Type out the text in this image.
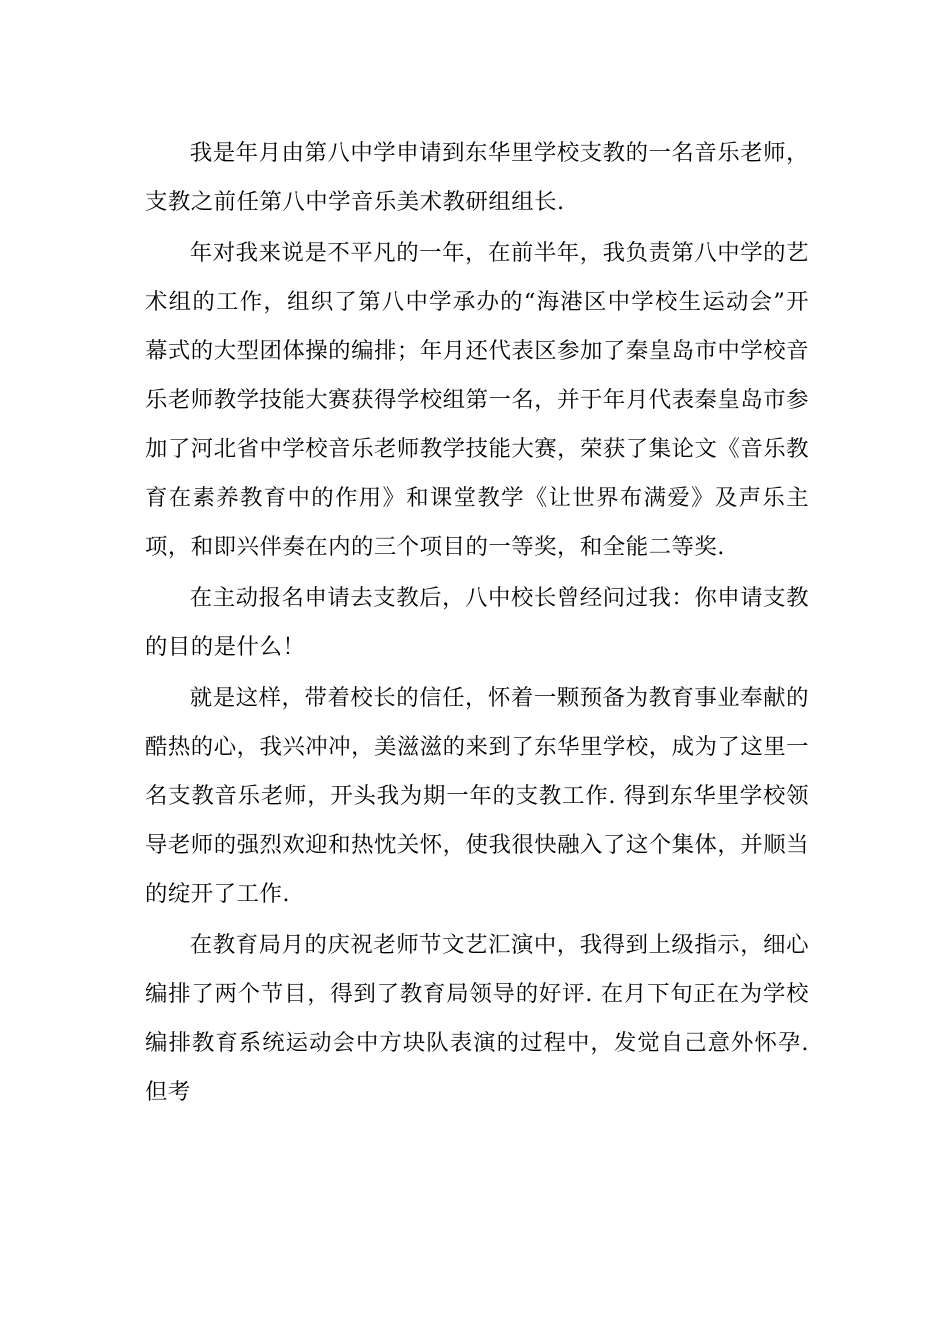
我是年月由第八中学申请到东华里学校支教的一名音乐老师，支教之前任第八中学音乐美术教研组组长.

年对我来说是不平凡的一年，在前半年，我负责第八中学的艺术组的工作，组织了第八中学承办的“海港区中学校生运动会”开幕式的大型团体操的编排；年月还代表区参加了秦皇岛市中学校音乐老师教学技能大赛获得学校组第一名，并于年月代表秦皇岛市参加了河北省中学校音乐老师教学技能大赛，荣获了集论文《音乐教育在素养教育中的作用》和课堂教学《让世界布满爱》及声乐主项，和即兴伴奏在内的三个项目的一等奖，和全能二等奖.

在主动报名申请去支教后，八中校长曾经问过我：你申请支教的目的是什么！

就是这样，带着校长的信任，怀着一颗预备为教育事业奉献的酷热的心，我兴冲冲，美滋滋的来到了东华里学校，成为了这里一名支教音乐老师，开头我为期一年的支教工作. 得到东华里学校领导老师的强烈欢迎和热忱关怀，使我很快融入了这个集体，并顺当的绽开了工作.

在教育局月的庆祝老师节文艺汇演中，我得到上级指示，细心编排了两个节目，得到了教育局领导的好评. 在月下旬正在为学校编排教育系统运动会中方块队表演的过程中，发觉自己意外怀孕. 但考
